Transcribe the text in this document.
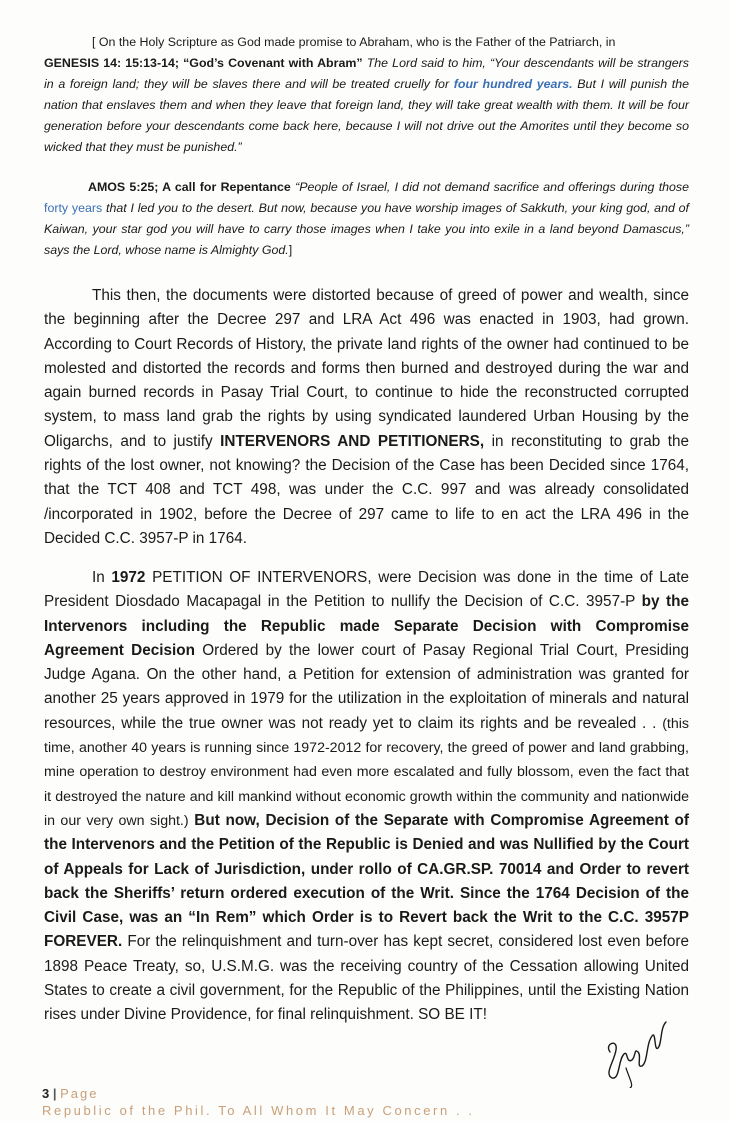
[ On the Holy Scripture as God made promise to Abraham, who is the Father of the Patriarch, in
GENESIS 14: 15:13-14; “God’s Covenant with Abram” The Lord said to him, “Your descendants will be strangers in a foreign land; they will be slaves there and will be treated cruelly for four hundred years. But I will punish the nation that enslaves them and when they leave that foreign land, they will take great wealth with them. It will be four generation before your descendants come back here, because I will not drive out the Amorites until they become so wicked that they must be punished.”
AMOS 5:25; A call for Repentance “People of Israel, I did not demand sacrifice and offerings during those forty years that I led you to the desert. But now, because you have worship images of Sakkuth, your king god, and of Kaiwan, your star god you will have to carry those images when I take you into exile in a land beyond Damascus,” says the Lord, whose name is Almighty God.]
This then, the documents were distorted because of greed of power and wealth, since the beginning after the Decree 297 and LRA Act 496 was enacted in 1903, had grown. According to Court Records of History, the private land rights of the owner had continued to be molested and distorted the records and forms then burned and destroyed during the war and again burned records in Pasay Trial Court, to continue to hide the reconstructed corrupted system, to mass land grab the rights by using syndicated laundered Urban Housing by the Oligarchs, and to justify INTERVENORS AND PETITIONERS, in reconstituting to grab the rights of the lost owner, not knowing? the Decision of the Case has been Decided since 1764, that the TCT 408 and TCT 498, was under the C.C. 997 and was already consolidated /incorporated in 1902, before the Decree of 297 came to life to en act the LRA 496 in the Decided C.C. 3957-P in 1764.
In 1972 PETITION OF INTERVENORS, were Decision was done in the time of Late President Diosdado Macapagal in the Petition to nullify the Decision of C.C. 3957-P by the Intervenors including the Republic made Separate Decision with Compromise Agreement Decision Ordered by the lower court of Pasay Regional Trial Court, Presiding Judge Agana. On the other hand, a Petition for extension of administration was granted for another 25 years approved in 1979 for the utilization in the exploitation of minerals and natural resources, while the true owner was not ready yet to claim its rights and be revealed . . (this time, another 40 years is running since 1972-2012 for recovery, the greed of power and land grabbing, mine operation to destroy environment had even more escalated and fully blossom, even the fact that it destroyed the nature and kill mankind without economic growth within the community and nationwide in our very own sight.) But now, Decision of the Separate with Compromise Agreement of the Intervenors and the Petition of the Republic is Denied and was Nullified by the Court of Appeals for Lack of Jurisdiction, under rollo of CA.GR.SP. 70014 and Order to revert back the Sheriffs’ return ordered execution of the Writ. Since the 1764 Decision of the Civil Case, was an “In Rem” which Order is to Revert back the Writ to the C.C. 3957P FOREVER. For the relinquishment and turn-over has kept secret, considered lost even before 1898 Peace Treaty, so, U.S.M.G. was the receiving country of the Cessation allowing United States to create a civil government, for the Republic of the Philippines, until the Existing Nation rises under Divine Providence, for final relinquishment. SO BE IT!
3 | Page
Republic of the Phil. To All Whom It May Concern . .
